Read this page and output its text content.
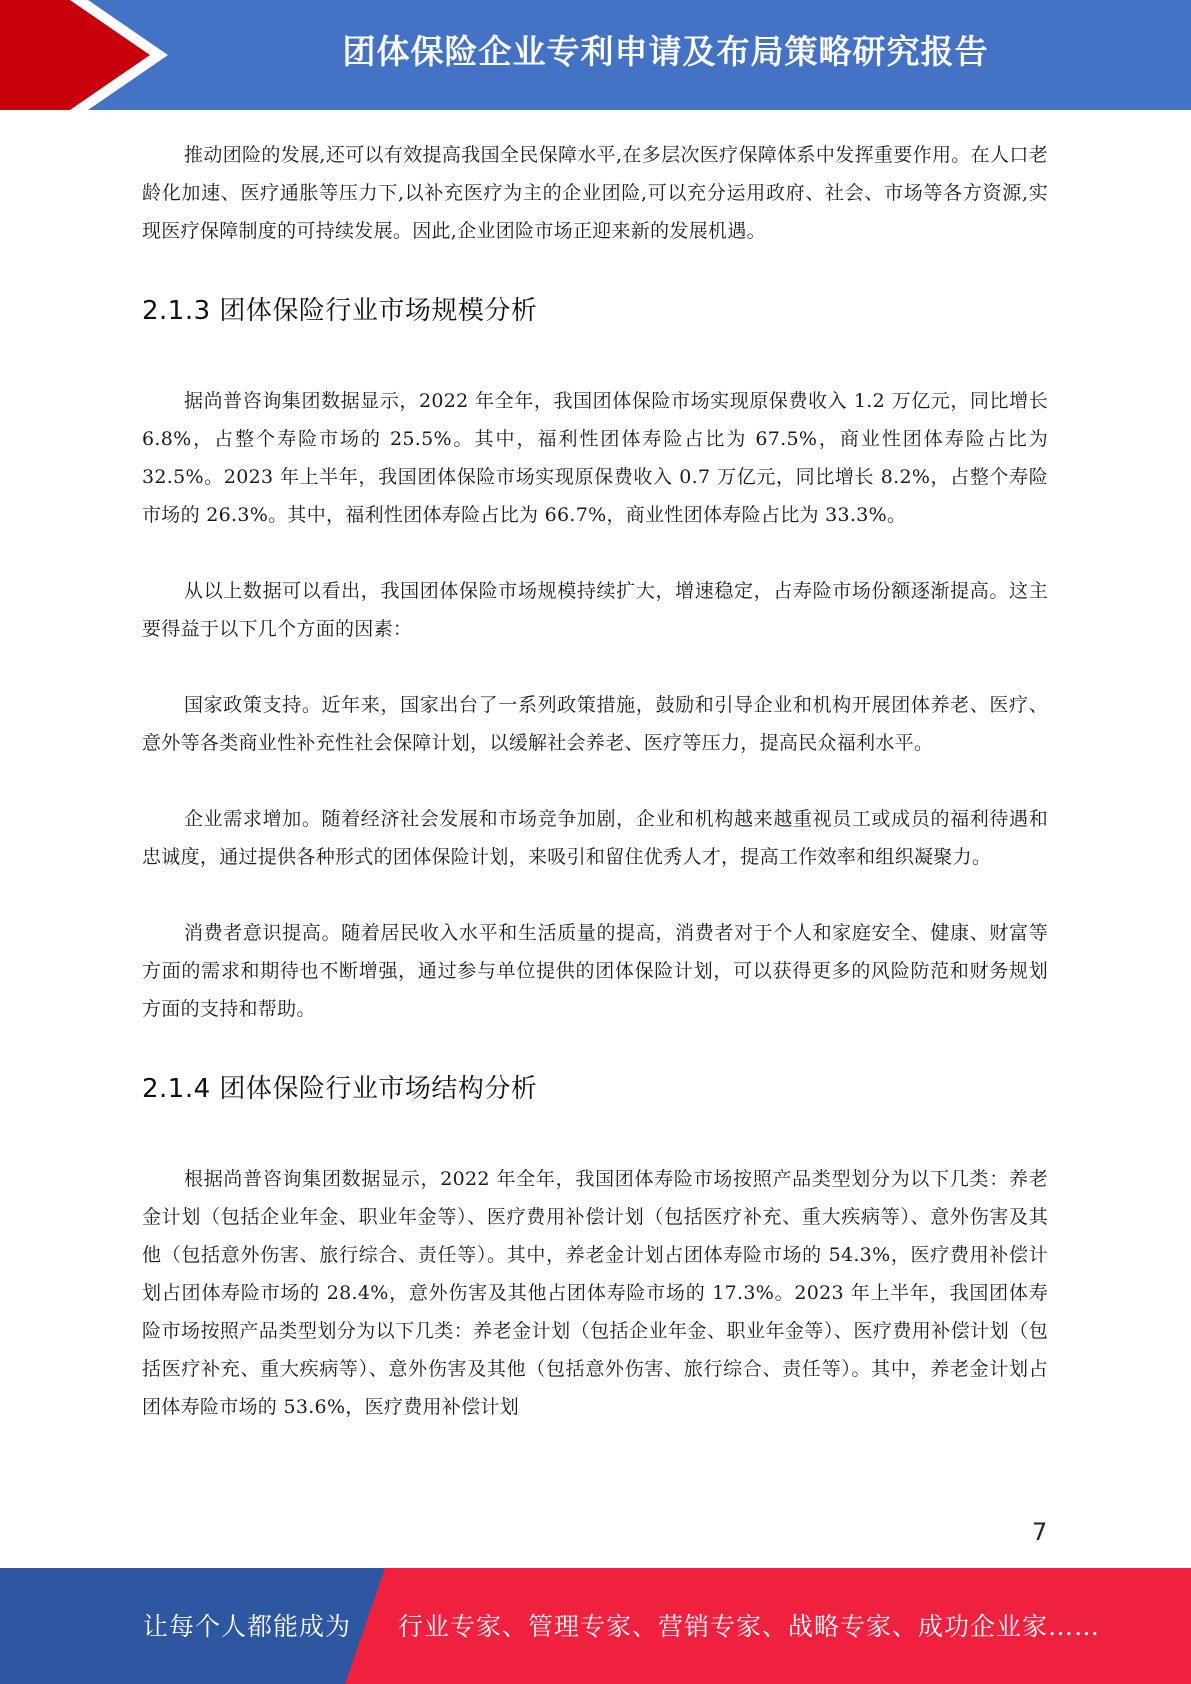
团体保险企业专利申请及布局策略研究报告

推动团险的发展,还可以有效提高我国全民保障水平,在多层次医疗保障体系中发挥重要作用。在人口老龄化加速、医疗通胀等压力下,以补充医疗为主的企业团险,可以充分运用政府、社会、市场等各方资源,实现医疗保障制度的可持续发展。因此,企业团险市场正迎来新的发展机遇。

2.1.3 团体保险行业市场规模分析

据尚普咨询集团数据显示，2022 年全年，我国团体保险市场实现原保费收入 1.2 万亿元，同比增长 6.8%，占整个寿险市场的 25.5%。其中，福利性团体寿险占比为 67.5%，商业性团体寿险占比为 32.5%。2023 年上半年，我国团体保险市场实现原保费收入 0.7 万亿元，同比增长 8.2%，占整个寿险市场的 26.3%。其中，福利性团体寿险占比为 66.7%，商业性团体寿险占比为 33.3%。

从以上数据可以看出，我国团体保险市场规模持续扩大，增速稳定，占寿险市场份额逐渐提高。这主要得益于以下几个方面的因素：

国家政策支持。近年来，国家出台了一系列政策措施，鼓励和引导企业和机构开展团体养老、医疗、意外等各类商业性补充性社会保障计划，以缓解社会养老、医疗等压力，提高民众福利水平。

企业需求增加。随着经济社会发展和市场竞争加剧，企业和机构越来越重视员工或成员的福利待遇和忠诚度，通过提供各种形式的团体保险计划，来吸引和留住优秀人才，提高工作效率和组织凝聚力。

消费者意识提高。随着居民收入水平和生活质量的提高，消费者对于个人和家庭安全、健康、财富等方面的需求和期待也不断增强，通过参与单位提供的团体保险计划，可以获得更多的风险防范和财务规划方面的支持和帮助。

2.1.4 团体保险行业市场结构分析

根据尚普咨询集团数据显示，2022 年全年，我国团体寿险市场按照产品类型划分为以下几类：养老金计划（包括企业年金、职业年金等）、医疗费用补偿计划（包括医疗补充、重大疾病等）、意外伤害及其他（包括意外伤害、旅行综合、责任等）。其中，养老金计划占团体寿险市场的 54.3%，医疗费用补偿计划占团体寿险市场的 28.4%，意外伤害及其他占团体寿险市场的 17.3%。2023 年上半年，我国团体寿险市场按照产品类型划分为以下几类：养老金计划（包括企业年金、职业年金等）、医疗费用补偿计划（包括医疗补充、重大疾病等）、意外伤害及其他（包括意外伤害、旅行综合、责任等）。其中，养老金计划占团体寿险市场的 53.6%，医疗费用补偿计划

7
让每个人都能成为 行业专家、管理专家、营销专家、战略专家、成功企业家……
